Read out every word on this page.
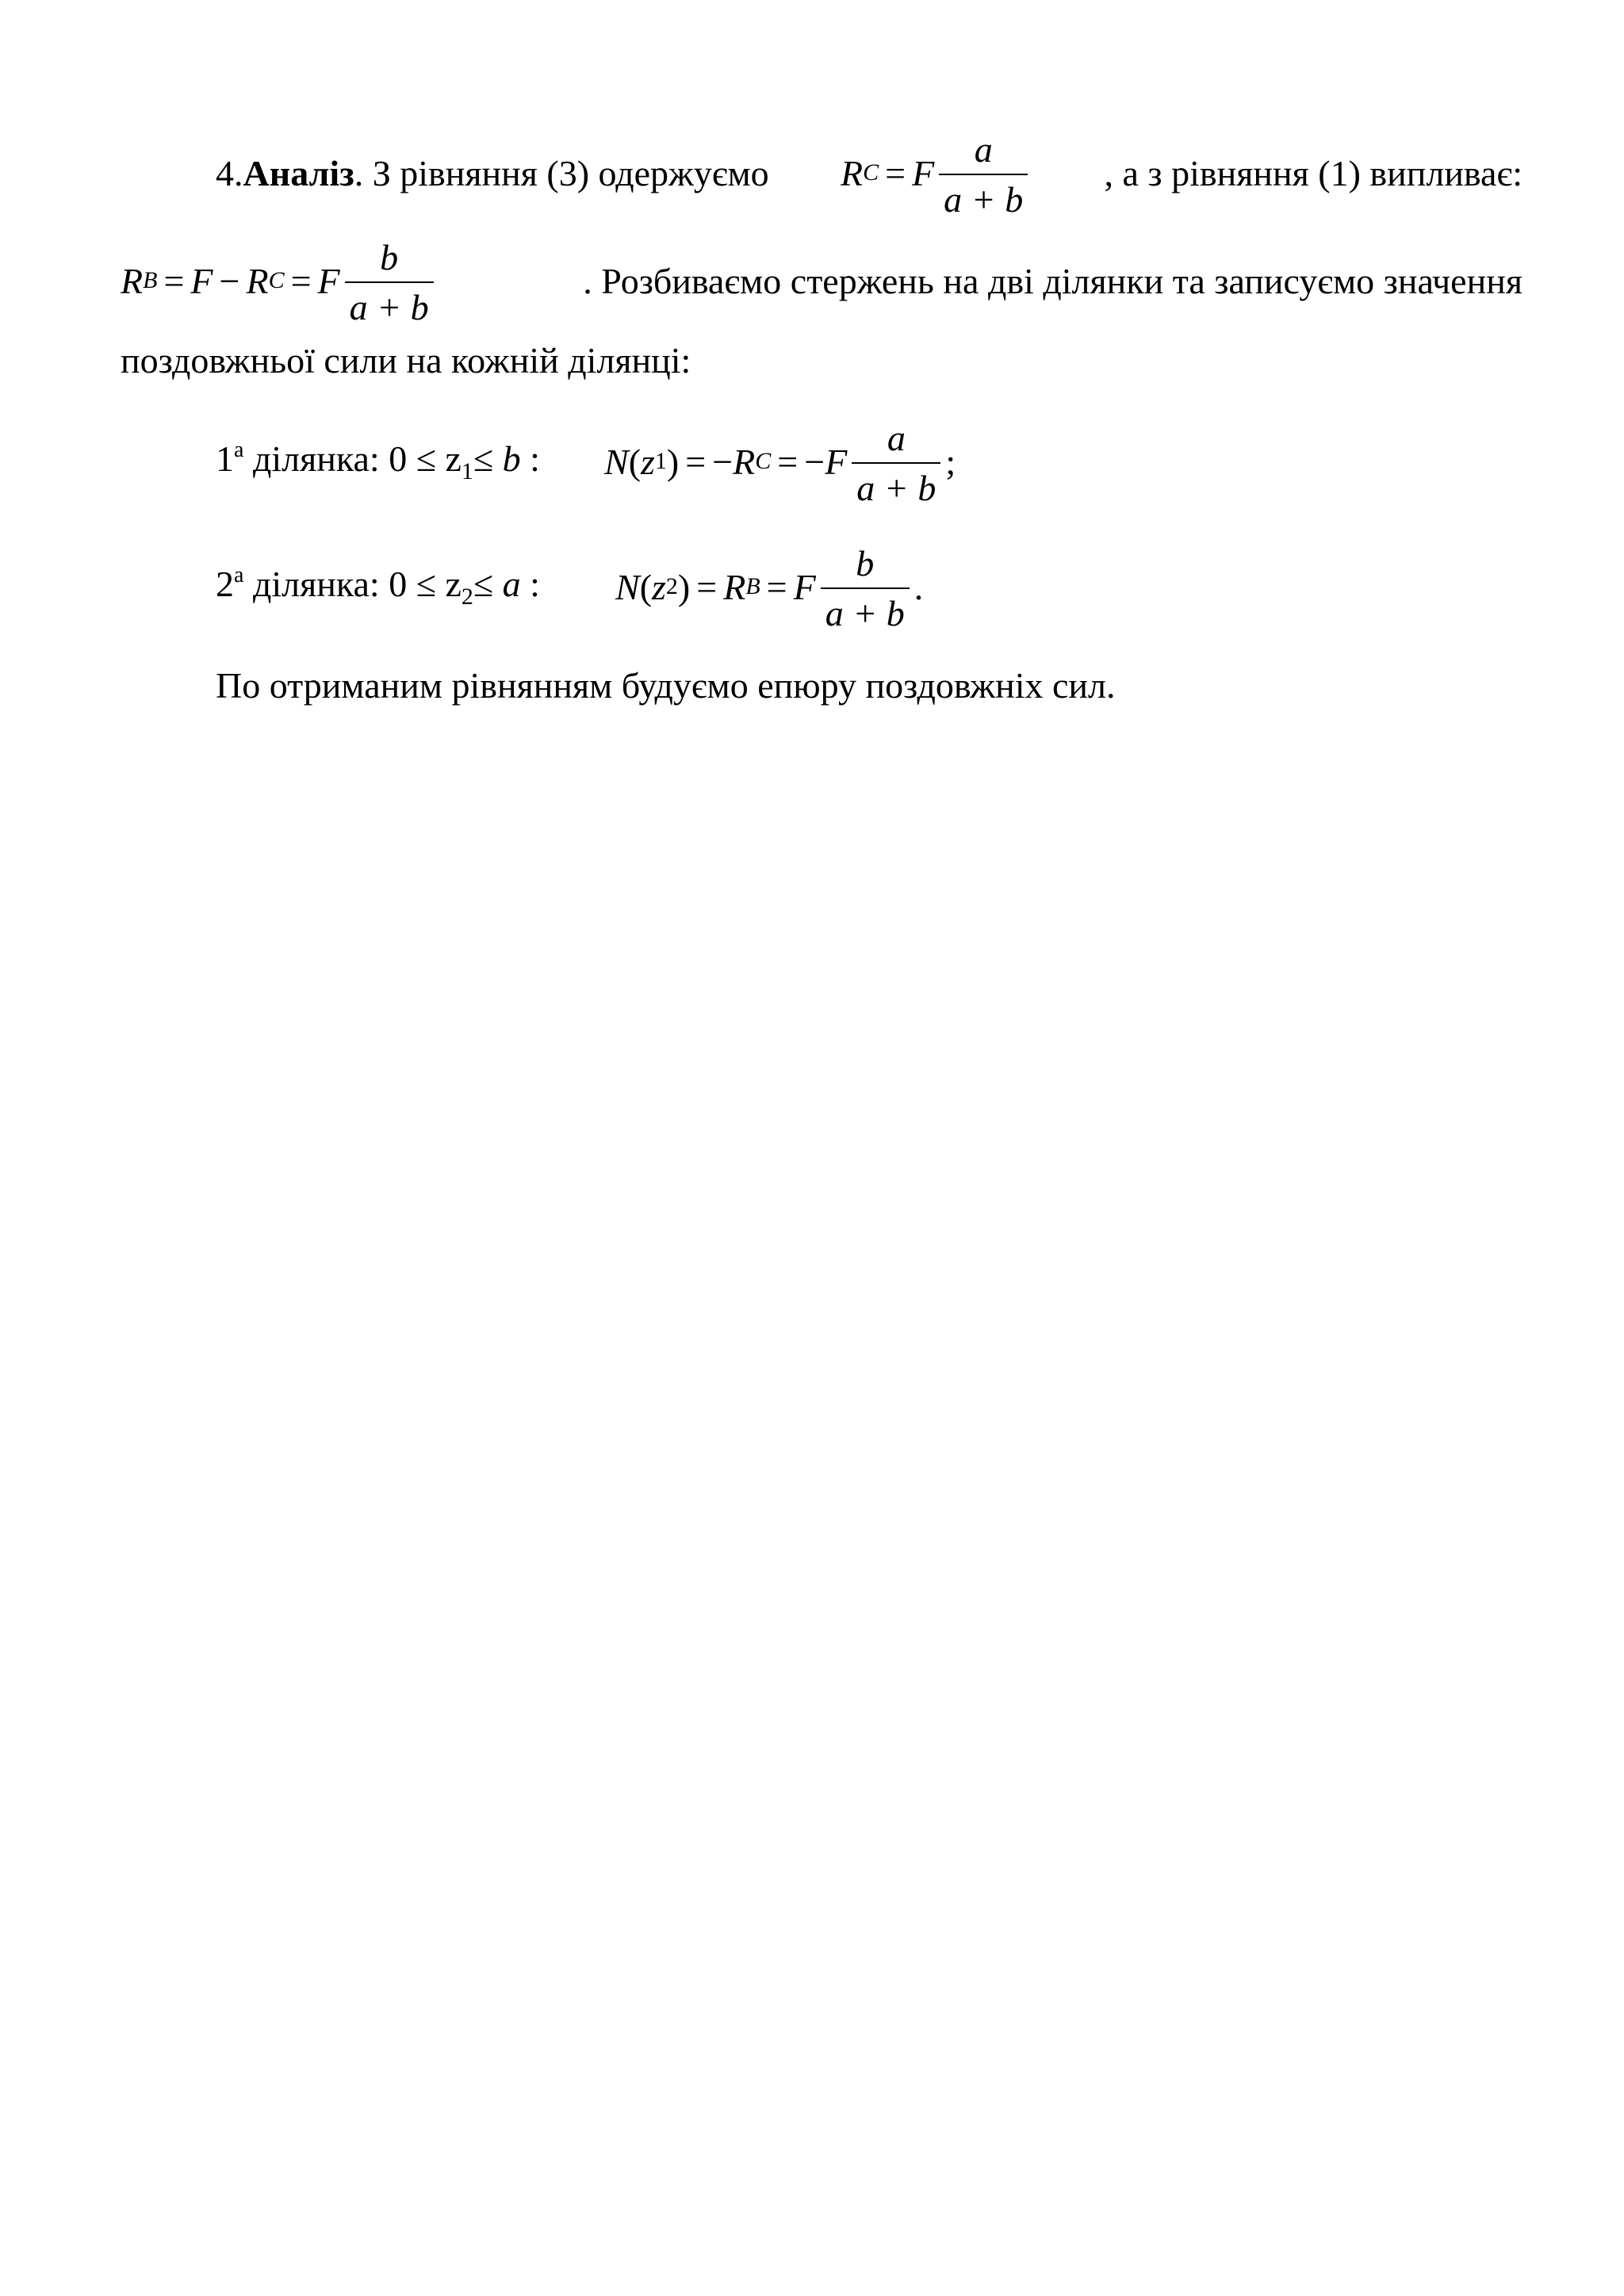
4.Аналіз. З рівняння (3) одержуємо R C = F $\frac{a}{a + b}$ , а з рівняння (1) випливає:
R B = F − R C = F $\frac{b}{a + b}$	. Розбиваємо стержень на дві ділянки та записуємо значення
поздовжньої сили на кожній ділянці:
$1^а$ ділянка: $0 \le z_1\le b$ :	N ( z 1 ) = − R C = − F $\frac{a}{a + b}$ ;
$2^а$ ділянка: $0 \le z_2\le a$ :	N ( z 2 ) = R B = F $\frac{b}{a + b}$ .
По отриманим рівнянням будуємо епюру поздовжніх сил.
